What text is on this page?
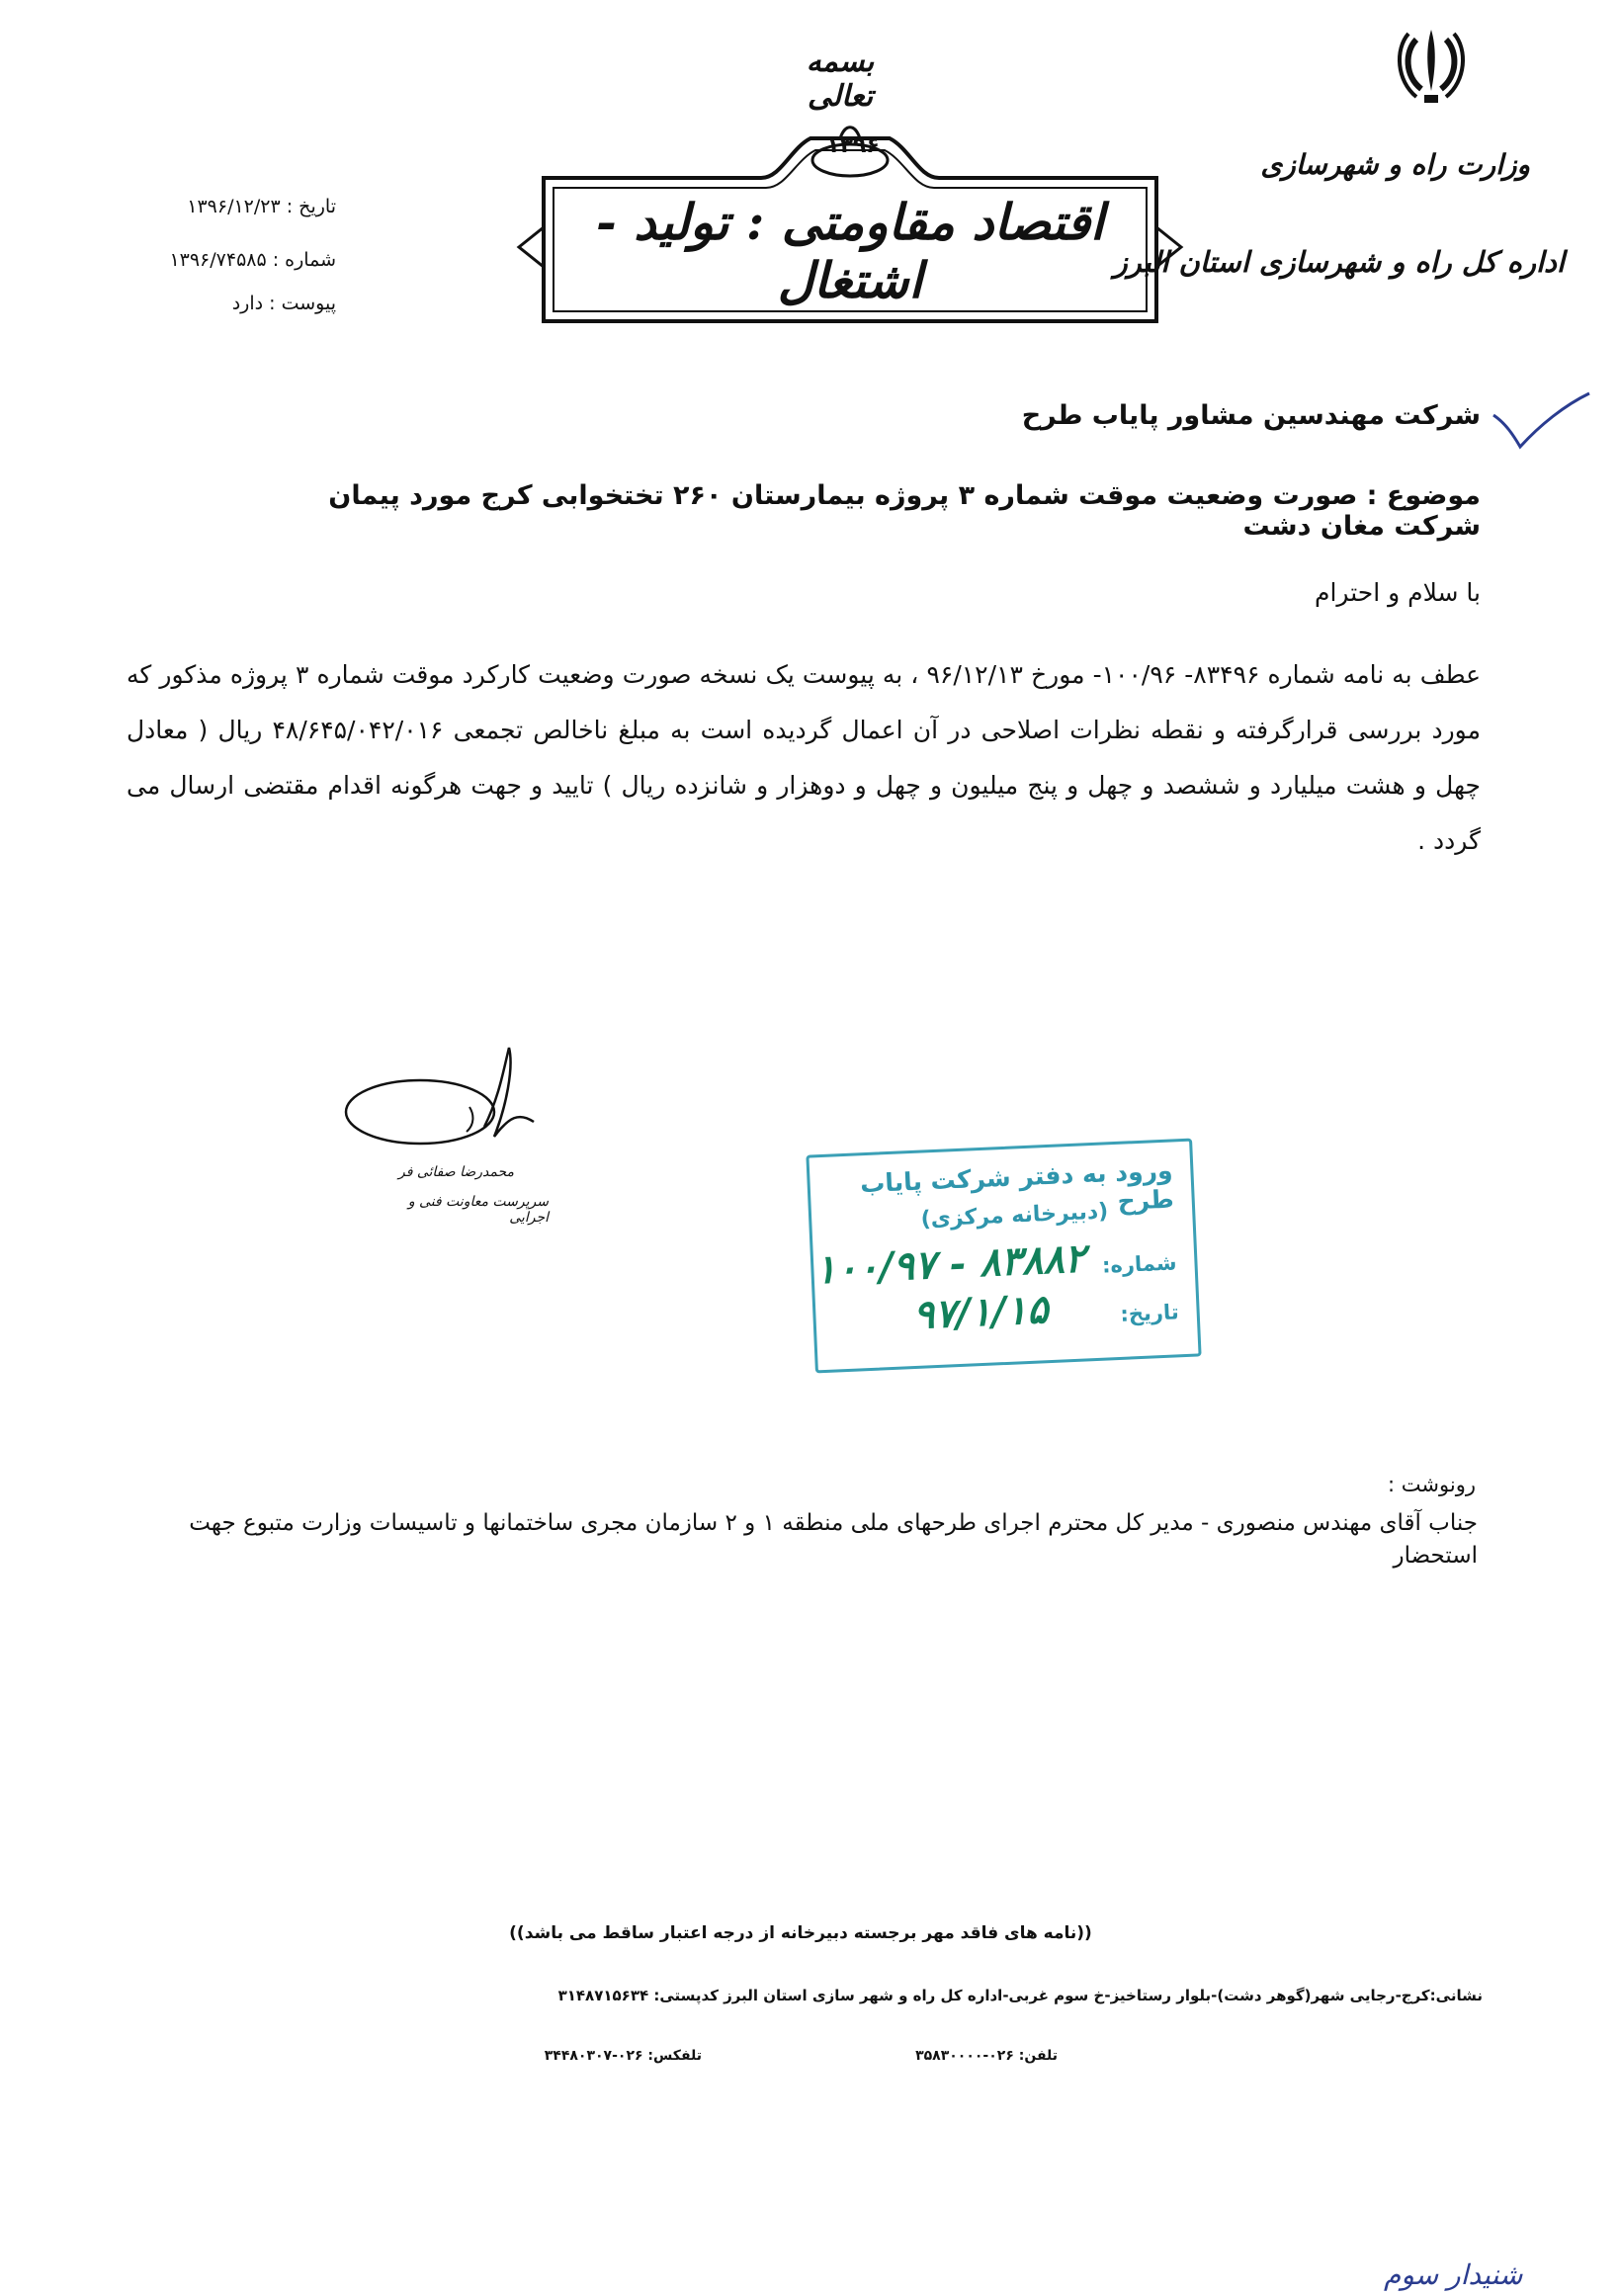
وزارت راه و شهرسازی
اداره کل راه و شهرسازی استان البرز
بسمه تعالی
۱۳۹۶
اقتصاد مقاومتی : تولید - اشتغال
تاریخ : ۱۳۹۶/۱۲/۲۳
شماره : ۱۳۹۶/۷۴۵۸۵
پیوست : دارد
شرکت مهندسین مشاور پایاب طرح
موضوع : صورت وضعیت موقت شماره ۳ پروژه بیمارستان ۲۶۰ تختخوابی کرج مورد پیمان شرکت مغان دشت
با سلام و احترام
عطف به نامه شماره ۸۳۴۹۶- ۱۰۰/۹۶- مورخ ۹۶/۱۲/۱۳ ، به پیوست یک نسخه صورت وضعیت کارکرد موقت شماره ۳ پروژه مذکور که مورد بررسی قرارگرفته و نقطه نظرات اصلاحی در آن اعمال گردیده است به مبلغ ناخالص تجمعی ۴۸/۶۴۵/۰۴۲/۰۱۶ ریال ( معادل چهل و هشت میلیارد و ششصد و چهل و پنج میلیون و چهل و دوهزار و شانزده ریال ) تایید و جهت هرگونه اقدام مقتضی ارسال می گردد .
محمدرضا صفائی فر
سرپرست معاونت فنی و اجرایی
ورود به دفتر شرکت پایاب طرح
(دبیرخانه مرکزی)
شماره:
۱۰۰/۹۷ - ۸۳۸۸۲
تاریخ:
۹۷/۱/۱۵
رونوشت :
جناب آقای مهندس منصوری - مدیر کل محترم اجرای طرحهای ملی منطقه ۱ و ۲ سازمان مجری ساختمانها و تاسیسات وزارت متبوع جهت استحضار
((نامه های فاقد مهر برجسته دبیرخانه از درجه اعتبار ساقط می باشد))
نشانی:کرج-رجایی شهر(گوهر دشت)-بلوار رستاخیز-خ سوم غربی-اداره کل راه و شهر سازی استان البرز کدپستی: ۳۱۴۸۷۱۵۶۳۴
تلفن: ۰۲۶-۳۵۸۳۰۰۰۰
تلفکس: ۰۲۶-۳۴۴۸۰۳۰۷
شنیدار سوم
